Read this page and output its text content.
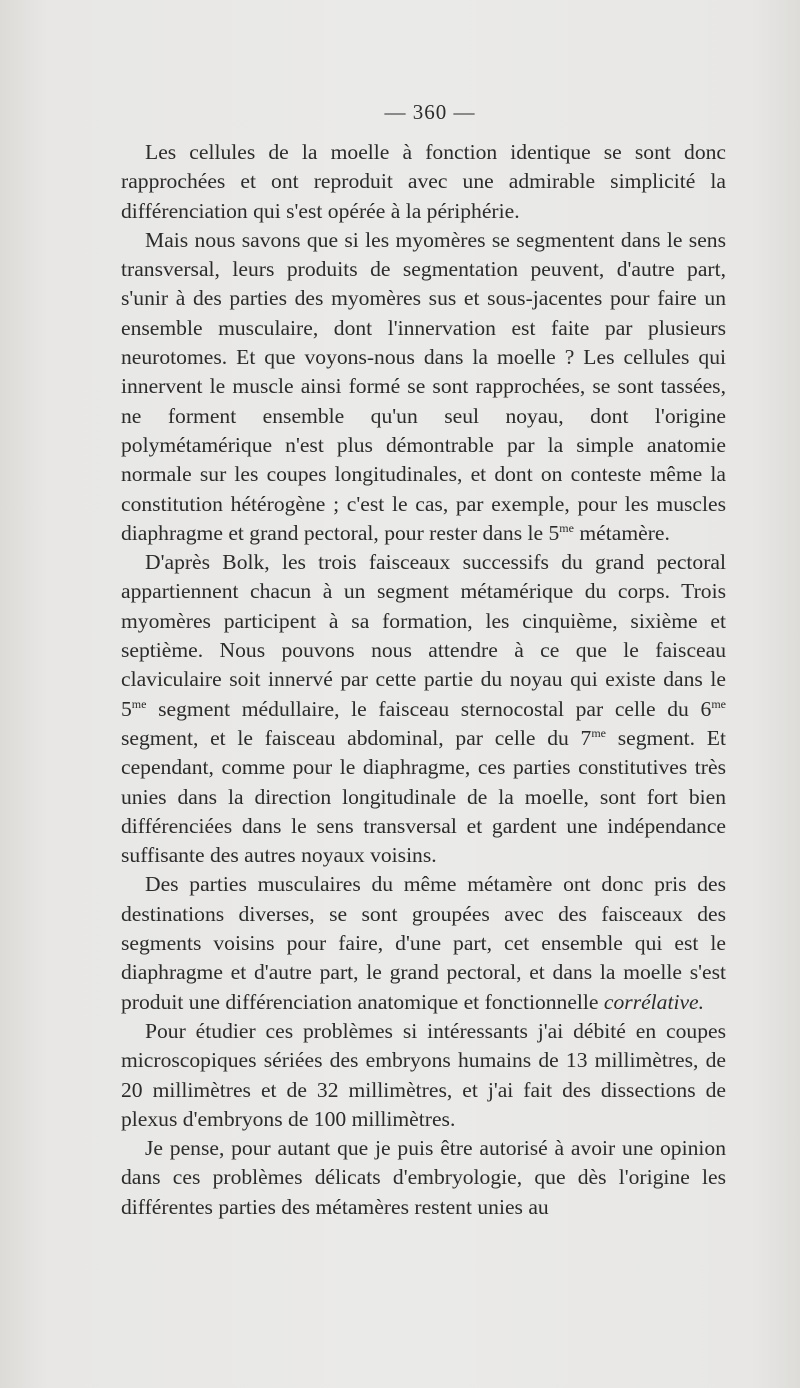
— 360 —

Les cellules de la moelle à fonction identique se sont donc rapprochées et ont reproduit avec une admirable simplicité la différenciation qui s'est opérée à la périphérie.

Mais nous savons que si les myomères se segmentent dans le sens transversal, leurs produits de segmentation peuvent, d'autre part, s'unir à des parties des myomères sus et sous-jacentes pour faire un ensemble musculaire, dont l'innervation est faite par plusieurs neurotomes. Et que voyons-nous dans la moelle ? Les cellules qui innervent le muscle ainsi formé se sont rapprochées, se sont tassées, ne forment ensemble qu'un seul noyau, dont l'origine polymétamérique n'est plus démontrable par la simple anatomie normale sur les coupes longitudinales, et dont on conteste même la constitution hétérogène ; c'est le cas, par exemple, pour les muscles diaphragme et grand pectoral, pour rester dans le $5^{me}$ métamère.

D'après Bolk, les trois faisceaux successifs du grand pectoral appartiennent chacun à un segment métamérique du corps. Trois myomères participent à sa formation, les cinquième, sixième et septième. Nous pouvons nous attendre à ce que le faisceau claviculaire soit innervé par cette partie du noyau qui existe dans le $5^{me}$ segment médullaire, le faisceau sternocostal par celle du $6^{me}$ segment, et le faisceau abdominal, par celle du $7^{me}$ segment. Et cependant, comme pour le diaphragme, ces parties constitutives très unies dans la direction longitudinale de la moelle, sont fort bien différenciées dans le sens transversal et gardent une indépendance suffisante des autres noyaux voisins.

Des parties musculaires du même métamère ont donc pris des destinations diverses, se sont groupées avec des faisceaux des segments voisins pour faire, d'une part, cet ensemble qui est le diaphragme et d'autre part, le grand pectoral, et dans la moelle s'est produit une différenciation anatomique et fonctionnelle corrélative.

Pour étudier ces problèmes si intéressants j'ai débité en coupes microscopiques sériées des embryons humains de 13 millimètres, de 20 millimètres et de 32 millimètres, et j'ai fait des dissections de plexus d'embryons de 100 millimètres.

Je pense, pour autant que je puis être autorisé à avoir une opinion dans ces problèmes délicats d'embryologie, que dès l'origine les différentes parties des métamères restent unies au
